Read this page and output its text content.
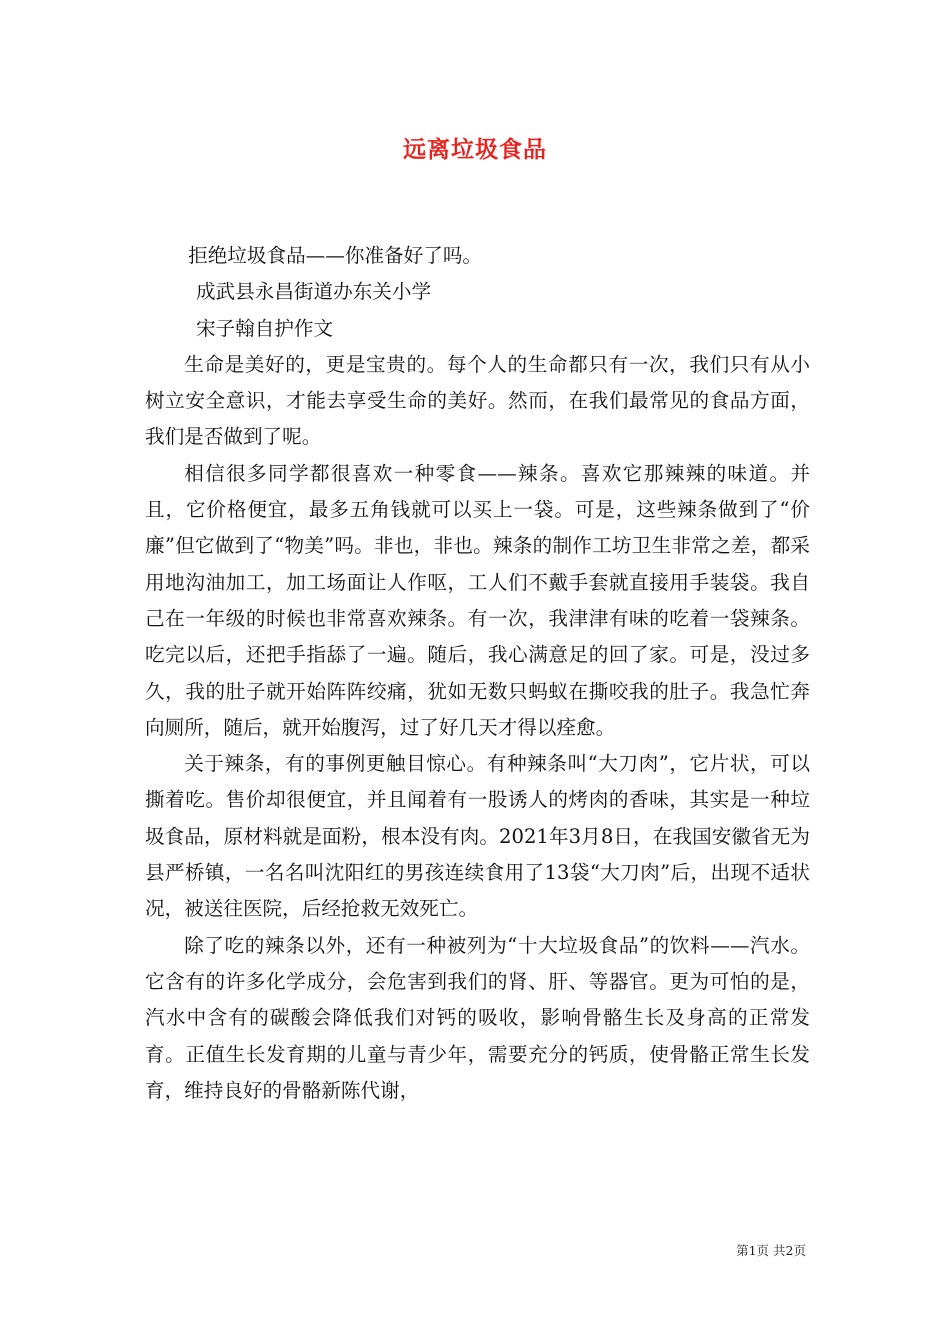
远离垃圾食品

拒绝垃圾食品——你准备好了吗。

成武县永昌街道办东关小学

宋子翰自护作文

生命是美好的，更是宝贵的。每个人的生命都只有一次，我们只有从小树立安全意识，才能去享受生命的美好。然而，在我们最常见的食品方面，我们是否做到了呢。

相信很多同学都很喜欢一种零食——辣条。喜欢它那辣辣的味道。并且，它价格便宜，最多五角钱就可以买上一袋。可是，这些辣条做到了“价廉”但它做到了“物美”吗。非也，非也。辣条的制作工坊卫生非常之差，都采用地沟油加工，加工场面让人作呕，工人们不戴手套就直接用手装袋。我自己在一年级的时候也非常喜欢辣条。有一次，我津津有味的吃着一袋辣条。吃完以后，还把手指舔了一遍。随后，我心满意足的回了家。可是，没过多久，我的肚子就开始阵阵绞痛，犹如无数只蚂蚁在撕咬我的肚子。我急忙奔向厕所，随后，就开始腹泻，过了好几天才得以痊愈。

关于辣条，有的事例更触目惊心。有种辣条叫“大刀肉”，它片状，可以撕着吃。售价却很便宜，并且闻着有一股诱人的烤肉的香味，其实是一种垃圾食品，原材料就是面粉，根本没有肉。2021年3月8日，在我国安徽省无为县严桥镇，一名名叫沈阳红的男孩连续食用了13袋“大刀肉”后，出现不适状况，被送往医院，后经抢救无效死亡。

除了吃的辣条以外，还有一种被列为“十大垃圾食品”的饮料——汽水。它含有的许多化学成分，会危害到我们的肾、肝、等器官。更为可怕的是，汽水中含有的碳酸会降低我们对钙的吸收，影响骨骼生长及身高的正常发育。正值生长发育期的儿童与青少年，需要充分的钙质，使骨骼正常生长发育，维持良好的骨骼新陈代谢，

第1页 共2页
